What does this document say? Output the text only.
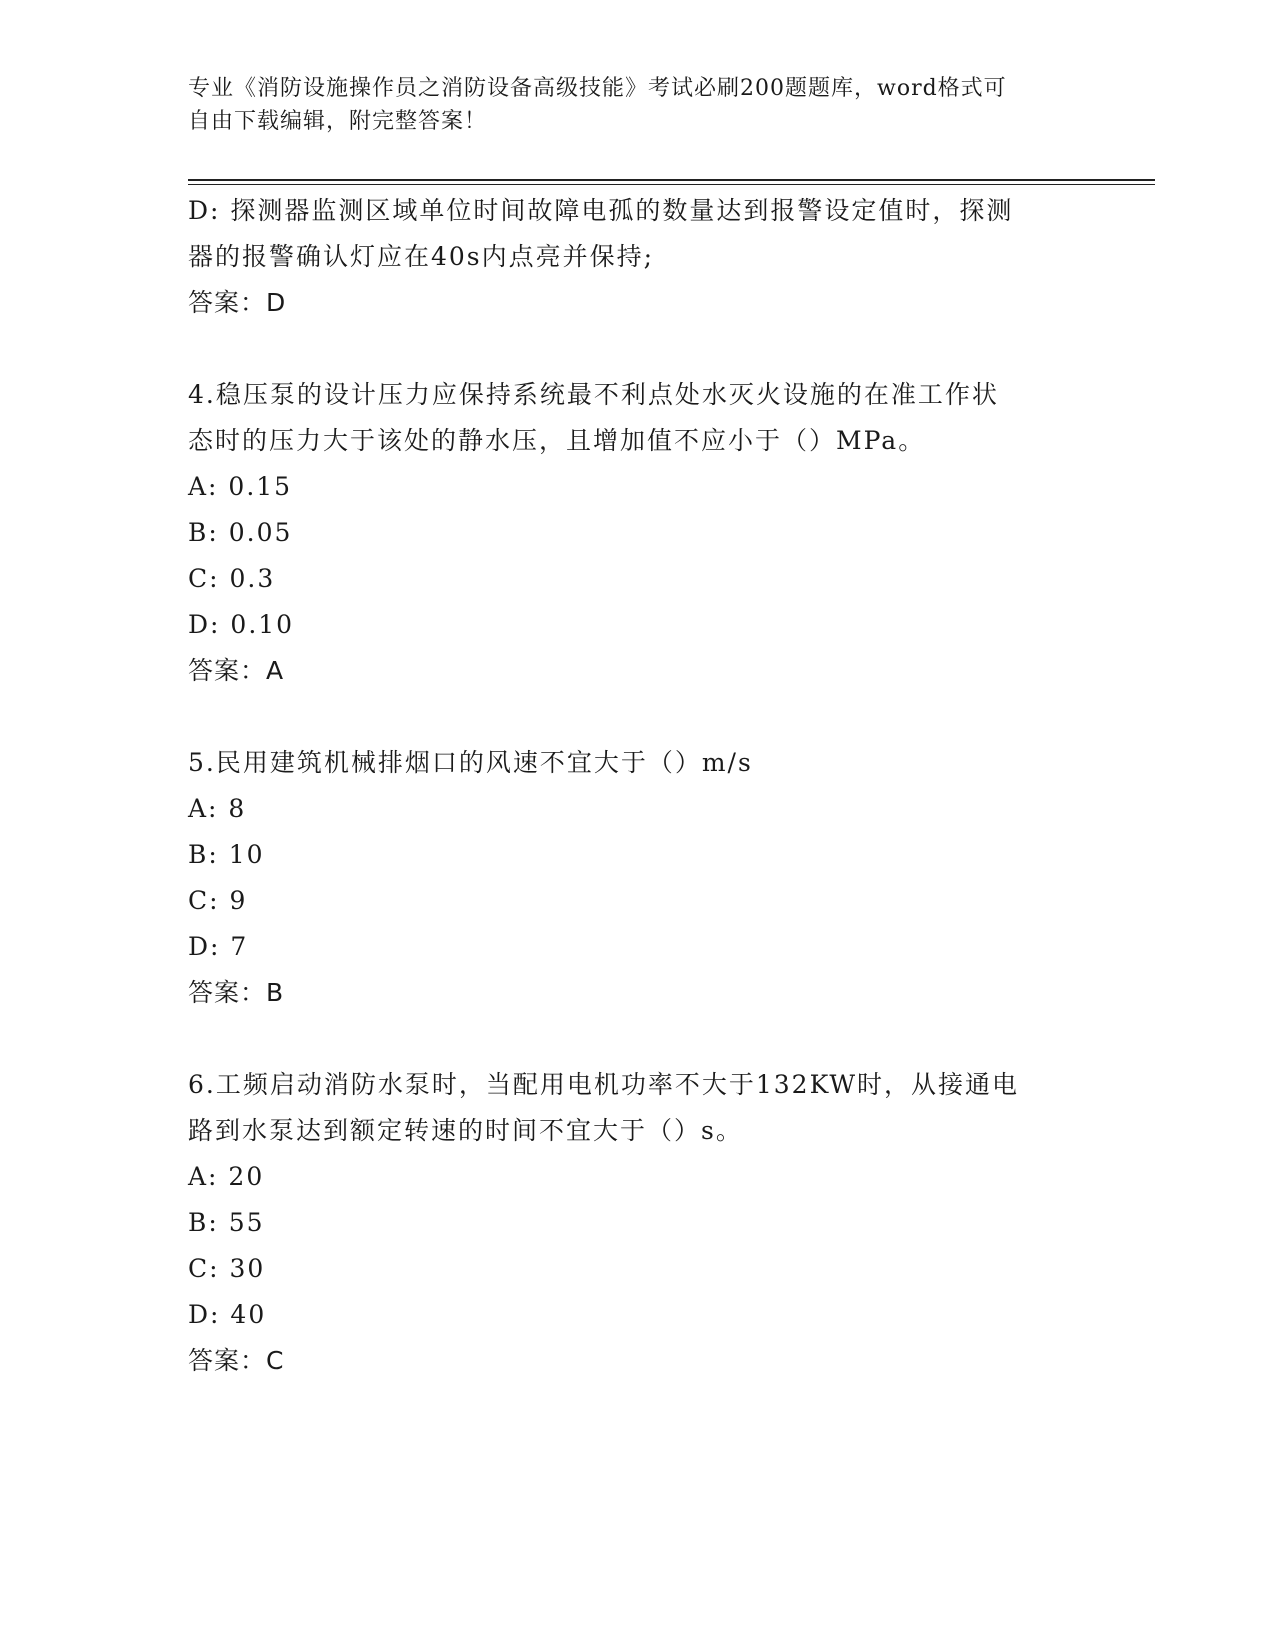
专业《消防设施操作员之消防设备高级技能》考试必刷200题题库，word格式可
自由下载编辑，附完整答案！
D: 探测器监测区域单位时间故障电孤的数量达到报警设定值时，探测
器的报警确认灯应在40s内点亮并保持;
答案：D
4.稳压泵的设计压力应保持系统最不利点处水灭火设施的在准工作状
态时的压力大于该处的静水压，且增加值不应小于（）MPa。
A: 0.15
B: 0.05
C: 0.3
D: 0.10
答案：A
5.民用建筑机械排烟口的风速不宜大于（）m/s
A: 8
B: 10
C: 9
D: 7
答案：B
6.工频启动消防水泵时，当配用电机功率不大于132KW时，从接通电
路到水泵达到额定转速的时间不宜大于（）s。
A: 20
B: 55
C: 30
D: 40
答案：C
